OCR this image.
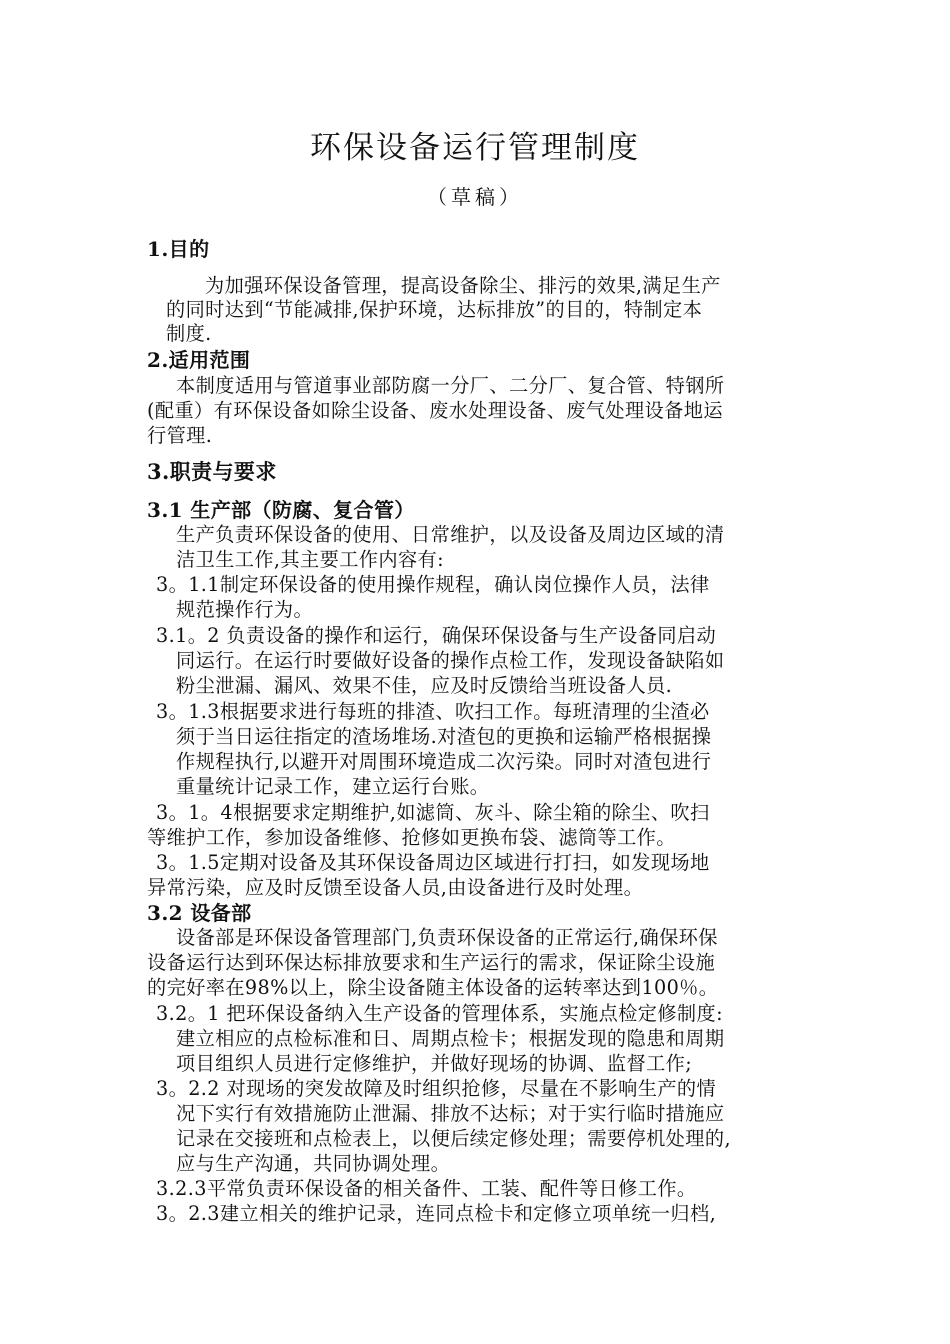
环保设备运行管理制度
（草稿）
1.目的
为加强环保设备管理，提高设备除尘、排污的效果,满足生产
的同时达到“节能减排,保护环境，达标排放”的目的，特制定本
制度.
2.适用范围
本制度适用与管道事业部防腐一分厂、二分厂、复合管、特钢所
(配重）有环保设备如除尘设备、废水处理设备、废气处理设备地运
行管理.
3.职责与要求
3.1 生产部（防腐、复合管）
生产负责环保设备的使用、日常维护，以及设备及周边区域的清
洁卫生工作,其主要工作内容有:
3。1.1制定环保设备的使用操作规程，确认岗位操作人员，法律
规范操作行为。
3.1。2 负责设备的操作和运行，确保环保设备与生产设备同启动
同运行。在运行时要做好设备的操作点检工作，发现设备缺陷如
粉尘泄漏、漏风、效果不佳，应及时反馈给当班设备人员.
3。1.3根据要求进行每班的排渣、吹扫工作。每班清理的尘渣必
须于当日运往指定的渣场堆场.对渣包的更换和运输严格根据操
作规程执行,以避开对周围环境造成二次污染。同时对渣包进行
重量统计记录工作，建立运行台账。
3。1。4根据要求定期维护,如滤筒、灰斗、除尘箱的除尘、吹扫
等维护工作，参加设备维修、抢修如更换布袋、滤筒等工作。
3。1.5定期对设备及其环保设备周边区域进行打扫，如发现场地
异常污染，应及时反馈至设备人员,由设备进行及时处理。
3.2 设备部
设备部是环保设备管理部门,负责环保设备的正常运行,确保环保
设备运行达到环保达标排放要求和生产运行的需求，保证除尘设施
的完好率在98%以上，除尘设备随主体设备的运转率达到100％。
3.2。1 把环保设备纳入生产设备的管理体系，实施点检定修制度:
建立相应的点检标准和日、周期点检卡；根据发现的隐患和周期
项目组织人员进行定修维护，并做好现场的协调、监督工作;
3。2.2 对现场的突发故障及时组织抢修，尽量在不影响生产的情
况下实行有效措施防止泄漏、排放不达标；对于实行临时措施应
记录在交接班和点检表上，以便后续定修处理；需要停机处理的,
应与生产沟通，共同协调处理。
3.2.3平常负责环保设备的相关备件、工装、配件等日修工作。
3。2.3建立相关的维护记录，连同点检卡和定修立项单统一归档,
